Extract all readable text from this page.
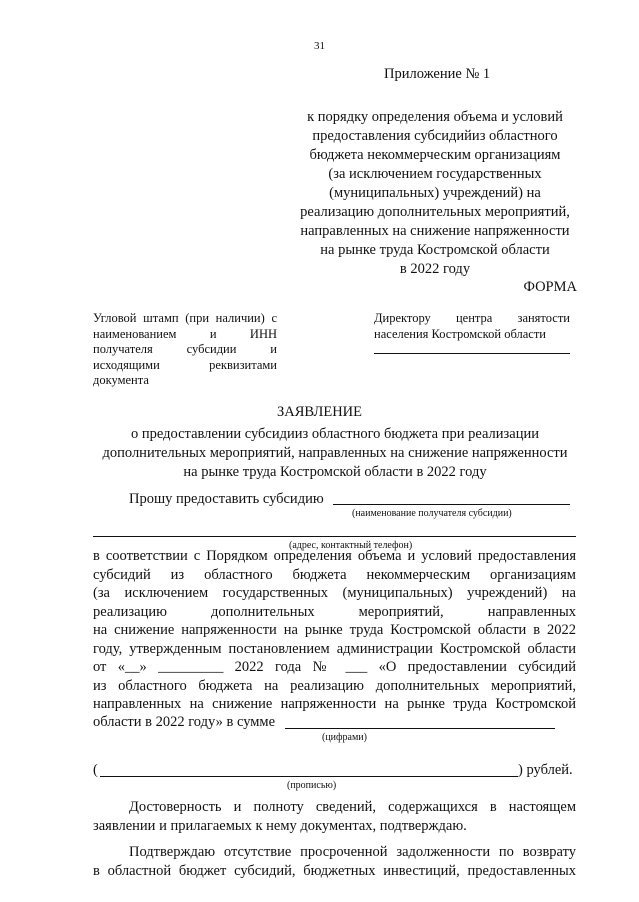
31
Приложение № 1
к порядку определения объема и условий
предоставления субсидийиз областного
бюджета некоммерческим организациям
(за исключением государственных
(муниципальных) учреждений) на
реализацию дополнительных мероприятий,
направленных на снижение напряженности
на рынке труда Костромской области
в 2022 году
ФОРМА
Угловой штамп (при наличии) с
наименованием и ИНН
получателя субсидии и
исходящими реквизитами
документа
Директору центра занятости
населения Костромской области
ЗАЯВЛЕНИЕ
о предоставлении субсидииз областного бюджета при реализации
дополнительных мероприятий, направленных на снижение напряженности
на рынке труда Костромской области в 2022 году
Прошу предоставить субсидию
(наименование получателя субсидии)
(адрес, контактный телефон)
в соответствии с Порядком определения объема и условий предоставления
субсидий из областного бюджета некоммерческим организациям
(за исключением государственных (муниципальных) учреждений) на
реализацию дополнительных мероприятий, направленных
на снижение напряженности на рынке труда Костромской области в 2022
году, утвержденным постановлением администрации Костромской области
от «__» _________ 2022 года № ___ «О предоставлении субсидий
из областного бюджета на реализацию дополнительных мероприятий,
направленных на снижение напряженности на рынке труда Костромской
области в 2022 году» в сумме
(цифрами)
(	) рублей.
(прописью)
Достоверность и полноту сведений, содержащихся в настоящем
заявлении и прилагаемых к нему документах, подтверждаю.
Подтверждаю отсутствие просроченной задолженности по возврату
в областной бюджет субсидий, бюджетных инвестиций, предоставленных
